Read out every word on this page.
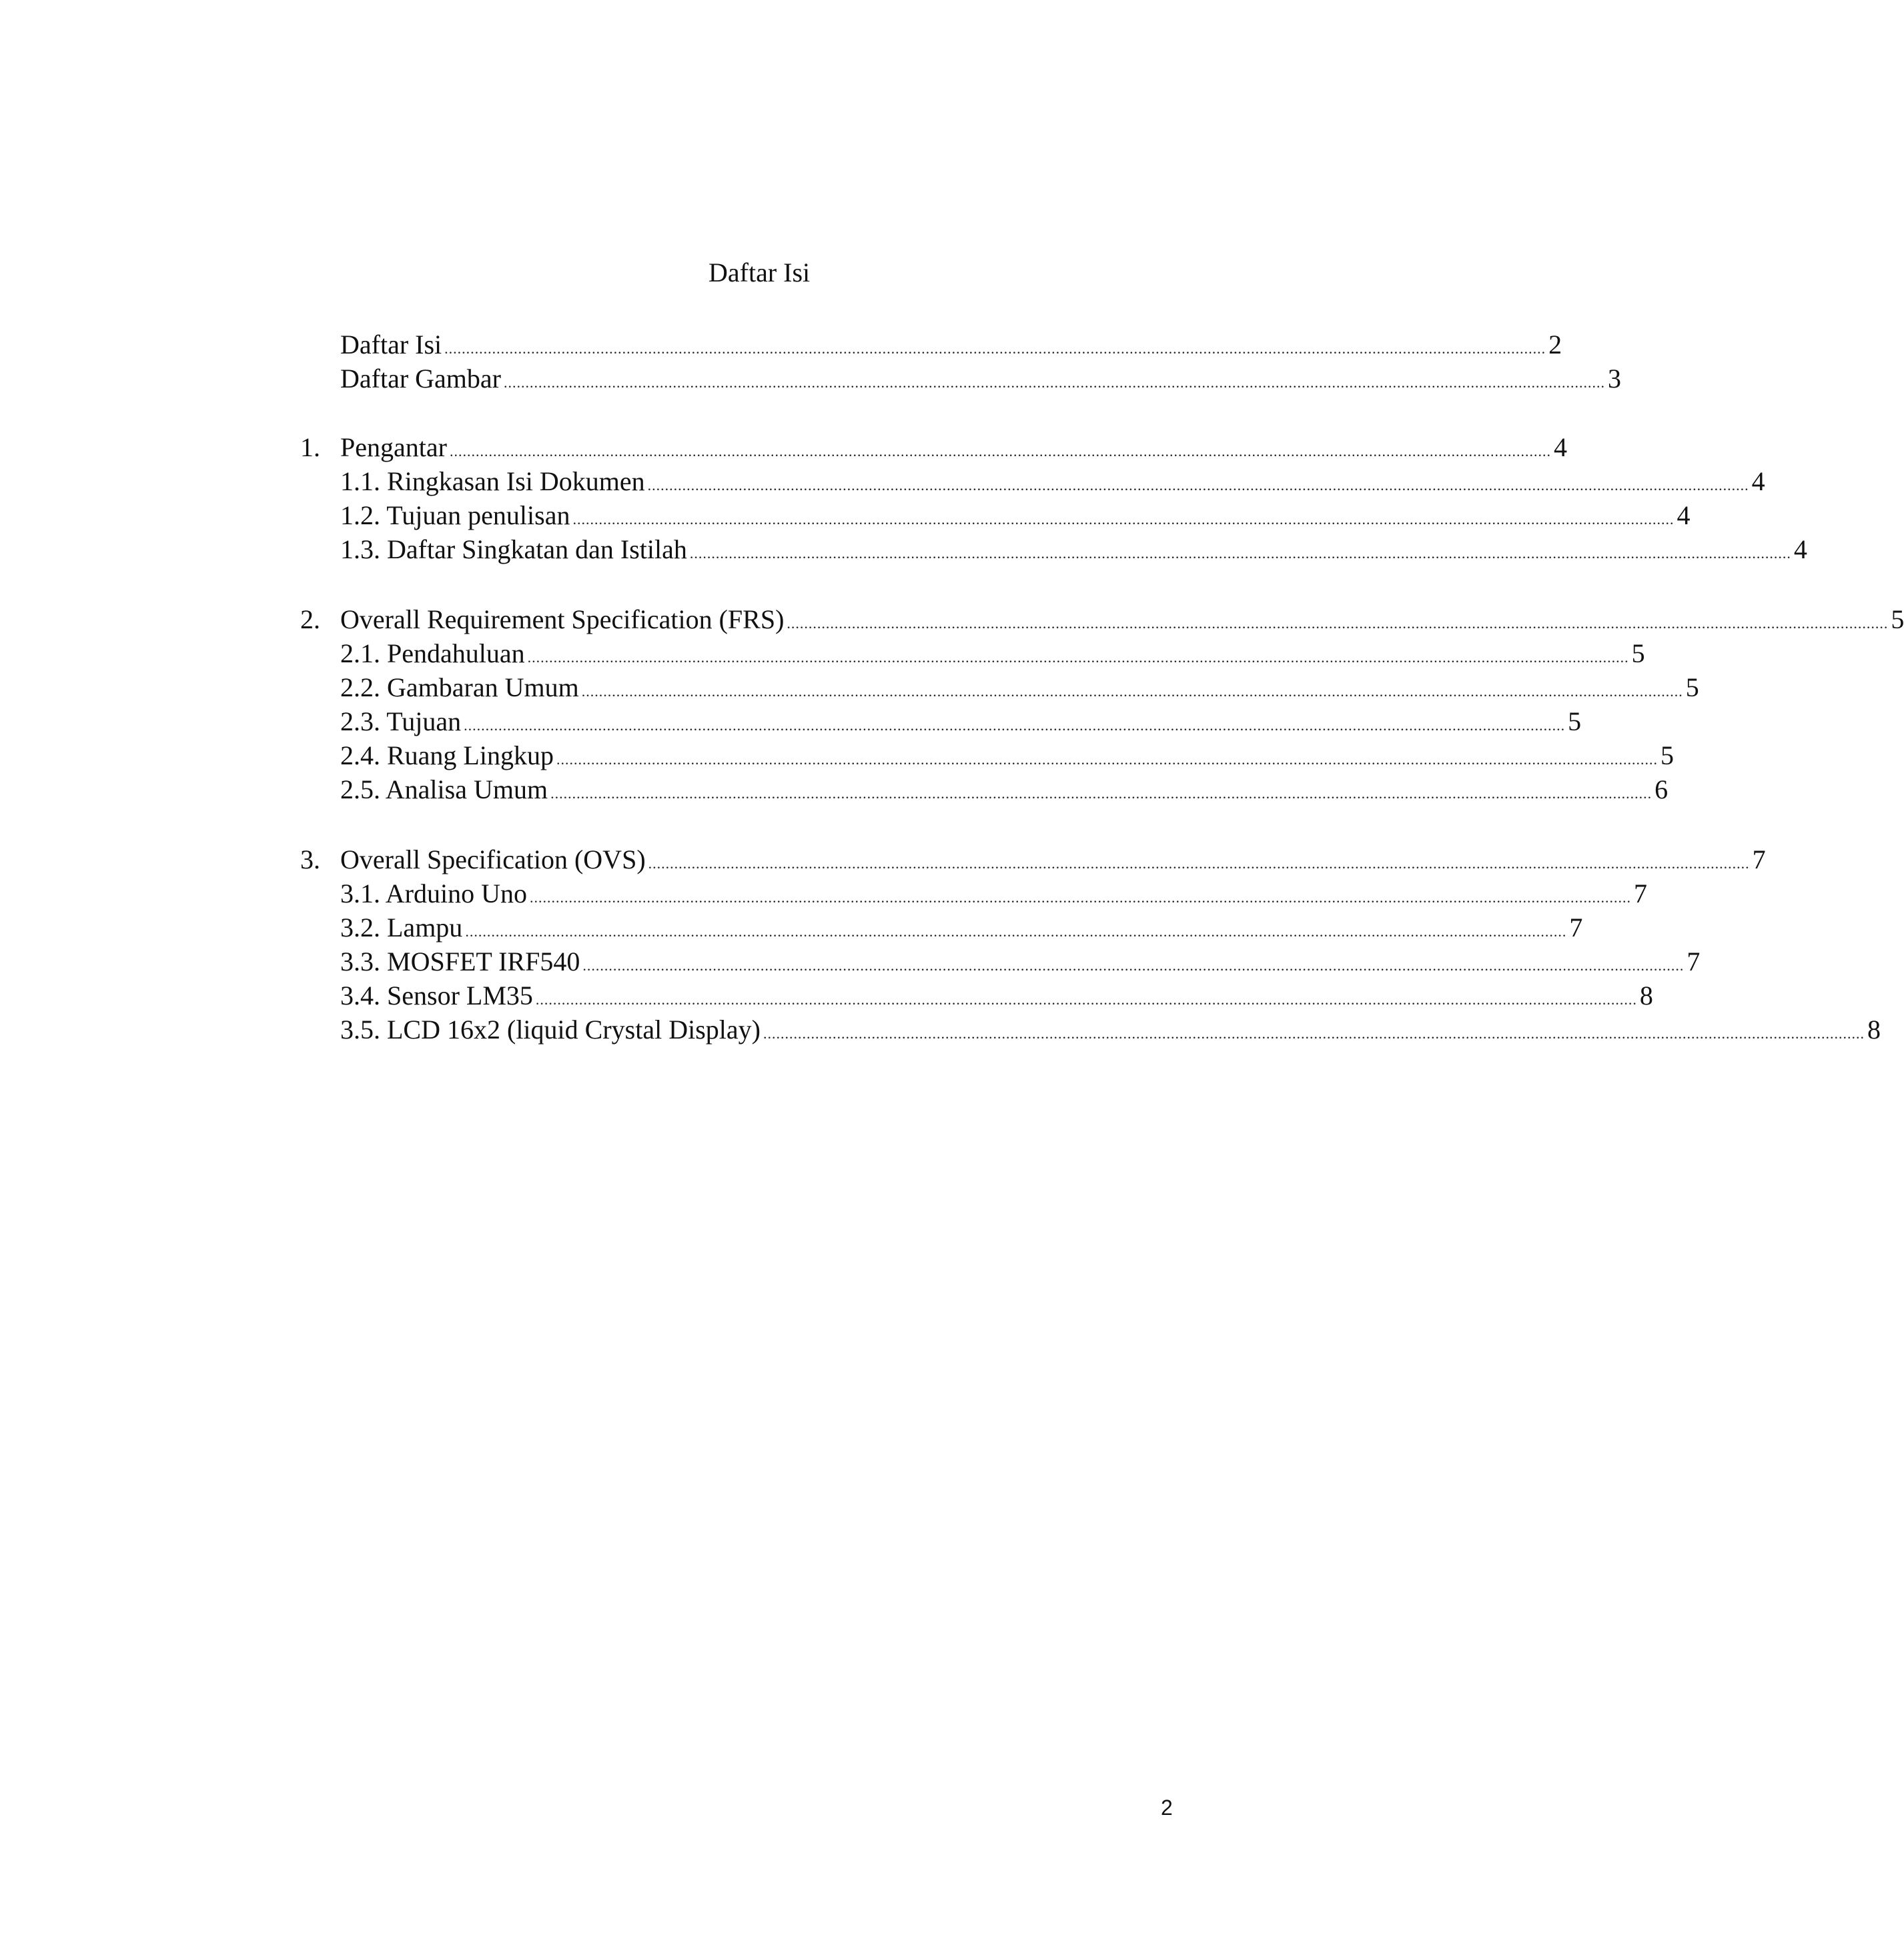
Daftar Isi
Daftar Isi .............................................................................................................................................................................................................................................................. 2
Daftar Gambar .............................................................................................................................................................................................................................................................. 3
1. Pengantar .............................................................................................................................................................................................................................................................. 4
1.1. Ringkasan Isi Dokumen .............................................................................................................................................................................................................................................................. 4
1.2. Tujuan penulisan .............................................................................................................................................................................................................................................................. 4
1.3. Daftar Singkatan dan Istilah .............................................................................................................................................................................................................................................................. 4
2. Overall Requirement Specification (FRS) .............................................................................................................................................................................................................................................................. 5
2.1. Pendahuluan .............................................................................................................................................................................................................................................................. 5
2.2. Gambaran Umum .............................................................................................................................................................................................................................................................. 5
2.3. Tujuan .............................................................................................................................................................................................................................................................. 5
2.4. Ruang Lingkup .............................................................................................................................................................................................................................................................. 5
2.5. Analisa Umum .............................................................................................................................................................................................................................................................. 6
3. Overall Specification (OVS) .............................................................................................................................................................................................................................................................. 7
3.1. Arduino Uno .............................................................................................................................................................................................................................................................. 7
3.2. Lampu .............................................................................................................................................................................................................................................................. 7
3.3. MOSFET IRF540 .............................................................................................................................................................................................................................................................. 7
3.4. Sensor LM35 .............................................................................................................................................................................................................................................................. 8
3.5. LCD 16x2 (liquid Crystal Display) .............................................................................................................................................................................................................................................................. 8
2
